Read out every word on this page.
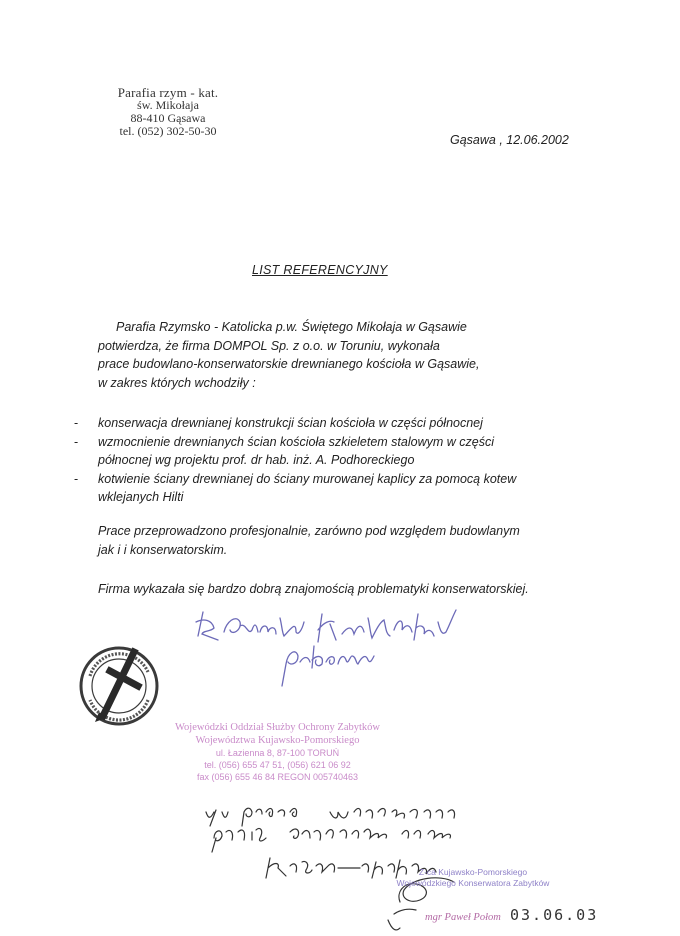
Parafia rzym - kat.
św. Mikołaja
88-410 Gąsawa
tel. (052) 302-50-30
Gąsawa , 12.06.2002
LIST REFERENCYJNY
Parafia Rzymsko - Katolicka p.w. Świętego Mikołaja w Gąsawie
potwierdza, że firma DOMPOL Sp. z o.o. w Toruniu, wykonała
prace budowlano-konserwatorskie drewnianego kościoła w Gąsawie,
w zakres których wchodziły :
- konserwacja drewnianej konstrukcji ścian kościoła w części północnej
- wzmocnienie drewnianych ścian kościoła szkieletem stalowym w części
północnej wg projektu prof. dr hab. inż. A. Podhoreckiego
- kotwienie ściany drewnianej do ściany murowanej kaplicy za pomocą kotew
wklejanych Hilti
Prace przeprowadzono profesjonalnie, zarówno pod względem budowlanym
jak i i konserwatorskim.
Firma wykazała się bardzo dobrą znajomością problematyki konserwatorskiej.
Wojewódzki Oddział Służby Ochrony Zabytków
Województwa Kujawsko-Pomorskiego
ul. Łazienna 8, 87-100 TORUŃ
tel. (056) 655 47 51, (056) 621 06 92
fax (056) 655 46 84 REGON 005740463
Z-ca Kujawsko-Pomorskiego
Wojewódzkiego Konserwatora Zabytków
mgr Paweł Połom 03.06.03
